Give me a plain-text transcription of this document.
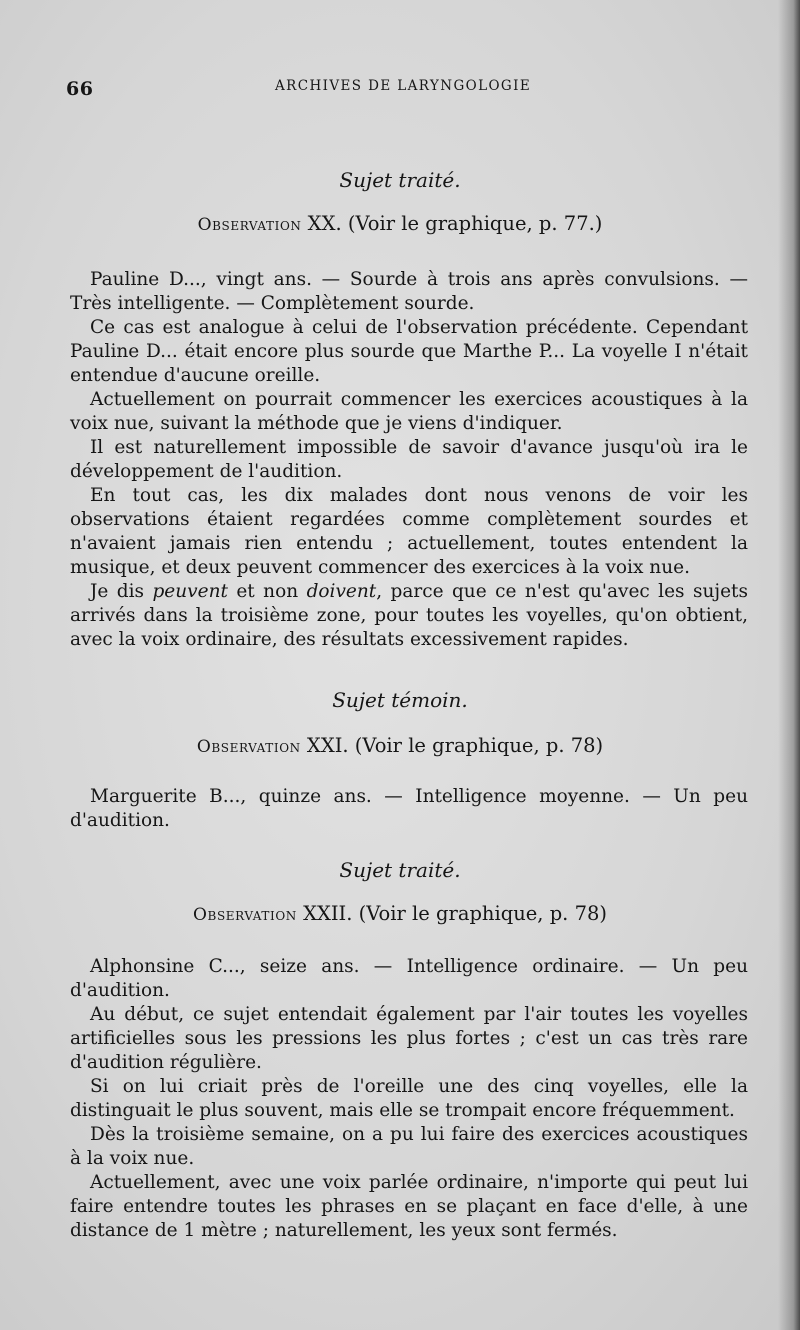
66	ARCHIVES DE LARYNGOLOGIE
Sujet traité.
Observation XX. (Voir le graphique, p. 77.)

Pauline D..., vingt ans. — Sourde à trois ans après convulsions. — Très intelligente. — Complètement sourde.

Ce cas est analogue à celui de l'observation précédente. Cependant Pauline D... était encore plus sourde que Marthe P... La voyelle I n'était entendue d'aucune oreille.

Actuellement on pourrait commencer les exercices acoustiques à la voix nue, suivant la méthode que je viens d'indiquer.

Il est naturellement impossible de savoir d'avance jusqu'où ira le développement de l'audition.

En tout cas, les dix malades dont nous venons de voir les observations étaient regardées comme complètement sourdes et n'avaient jamais rien entendu ; actuellement, toutes entendent la musique, et deux peuvent commencer des exercices à la voix nue.

Je dis peuvent et non doivent, parce que ce n'est qu'avec les sujets arrivés dans la troisième zone, pour toutes les voyelles, qu'on obtient, avec la voix ordinaire, des résultats excessivement rapides.

Sujet témoin.
Observation XXI. (Voir le graphique, p. 78)

Marguerite B..., quinze ans. — Intelligence moyenne. — Un peu d'audition.

Sujet traité.
Observation XXII. (Voir le graphique, p. 78)

Alphonsine C..., seize ans. — Intelligence ordinaire. — Un peu d'audition.

Au début, ce sujet entendait également par l'air toutes les voyelles artificielles sous les pressions les plus fortes ; c'est un cas très rare d'audition régulière.

Si on lui criait près de l'oreille une des cinq voyelles, elle la distinguait le plus souvent, mais elle se trompait encore fréquemment.

Dès la troisième semaine, on a pu lui faire des exercices acoustiques à la voix nue.

Actuellement, avec une voix parlée ordinaire, n'importe qui peut lui faire entendre toutes les phrases en se plaçant en face d'elle, à une distance de 1 mètre ; naturellement, les yeux sont fermés.
